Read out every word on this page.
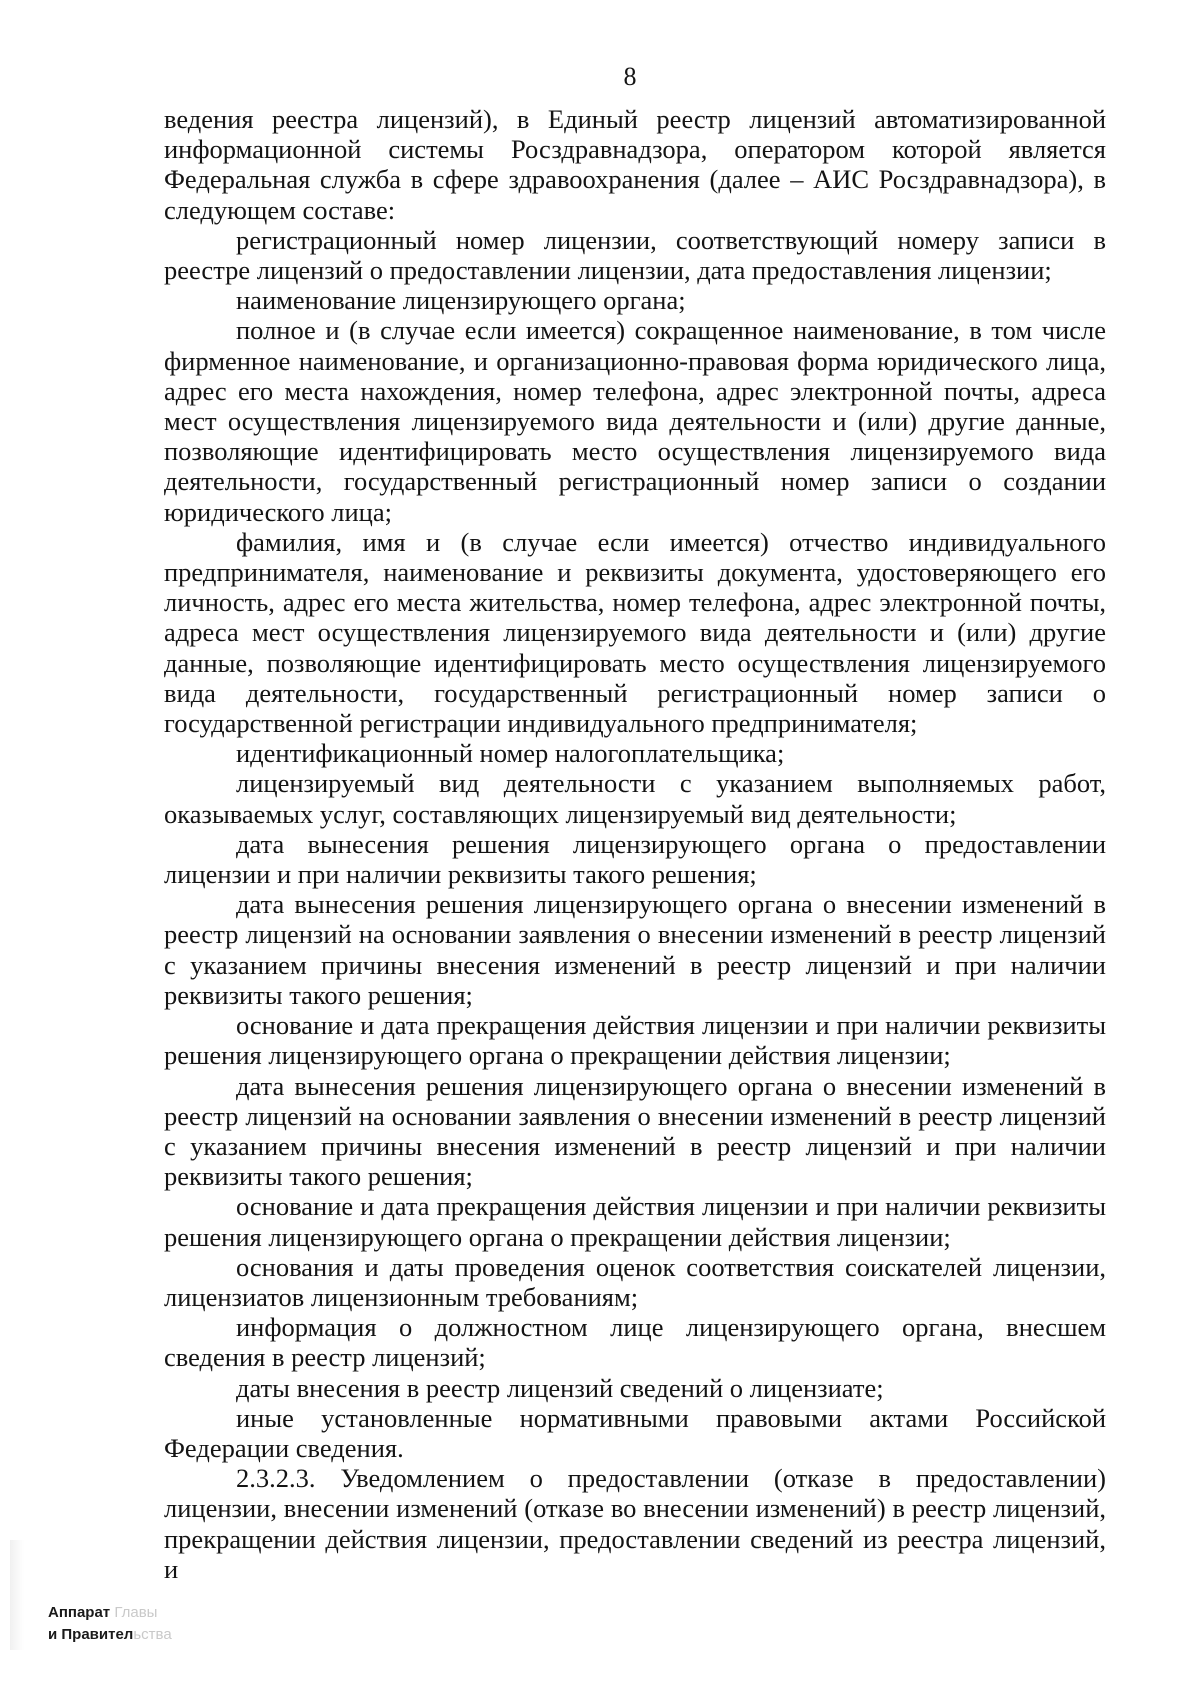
8

ведения реестра лицензий), в Единый реестр лицензий автоматизированной информационной системы Росздравнадзора, оператором которой является Федеральная служба в сфере здравоохранения (далее – АИС Росздравнадзора), в следующем составе:

регистрационный номер лицензии, соответствующий номеру записи в реестре лицензий о предоставлении лицензии, дата предоставления лицензии;

наименование лицензирующего органа;

полное и (в случае если имеется) сокращенное наименование, в том числе фирменное наименование, и организационно-правовая форма юридического лица, адрес его места нахождения, номер телефона, адрес электронной почты, адреса мест осуществления лицензируемого вида деятельности и (или) другие данные, позволяющие идентифицировать место осуществления лицензируемого вида деятельности, государственный регистрационный номер записи о создании юридического лица;

фамилия, имя и (в случае если имеется) отчество индивидуального предпринимателя, наименование и реквизиты документа, удостоверяющего его личность, адрес его места жительства, номер телефона, адрес электронной почты, адреса мест осуществления лицензируемого вида деятельности и (или) другие данные, позволяющие идентифицировать место осуществления лицензируемого вида деятельности, государственный регистрационный номер записи о государственной регистрации индивидуального предпринимателя;

идентификационный номер налогоплательщика;

лицензируемый вид деятельности с указанием выполняемых работ, оказываемых услуг, составляющих лицензируемый вид деятельности;

дата вынесения решения лицензирующего органа о предоставлении лицензии и при наличии реквизиты такого решения;

дата вынесения решения лицензирующего органа о внесении изменений в реестр лицензий на основании заявления о внесении изменений в реестр лицензий с указанием причины внесения изменений в реестр лицензий и при наличии реквизиты такого решения;

основание и дата прекращения действия лицензии и при наличии реквизиты решения лицензирующего органа о прекращении действия лицензии;

дата вынесения решения лицензирующего органа о внесении изменений в реестр лицензий на основании заявления о внесении изменений в реестр лицензий с указанием причины внесения изменений в реестр лицензий и при наличии реквизиты такого решения;

основание и дата прекращения действия лицензии и при наличии реквизиты решения лицензирующего органа о прекращении действия лицензии;

основания и даты проведения оценок соответствия соискателей лицензии, лицензиатов лицензионным требованиям;

информация о должностном лице лицензирующего органа, внесшем сведения в реестр лицензий;

даты внесения в реестр лицензий сведений о лицензиате;

иные установленные нормативными правовыми актами Российской Федерации сведения.

2.3.2.3. Уведомлением о предоставлении (отказе в предоставлении) лицензии, внесении изменений (отказе во внесении изменений) в реестр лицензий, прекращении действия лицензии, предоставлении сведений из реестра лицензий, и

Аппарат Главы
и Правительства
